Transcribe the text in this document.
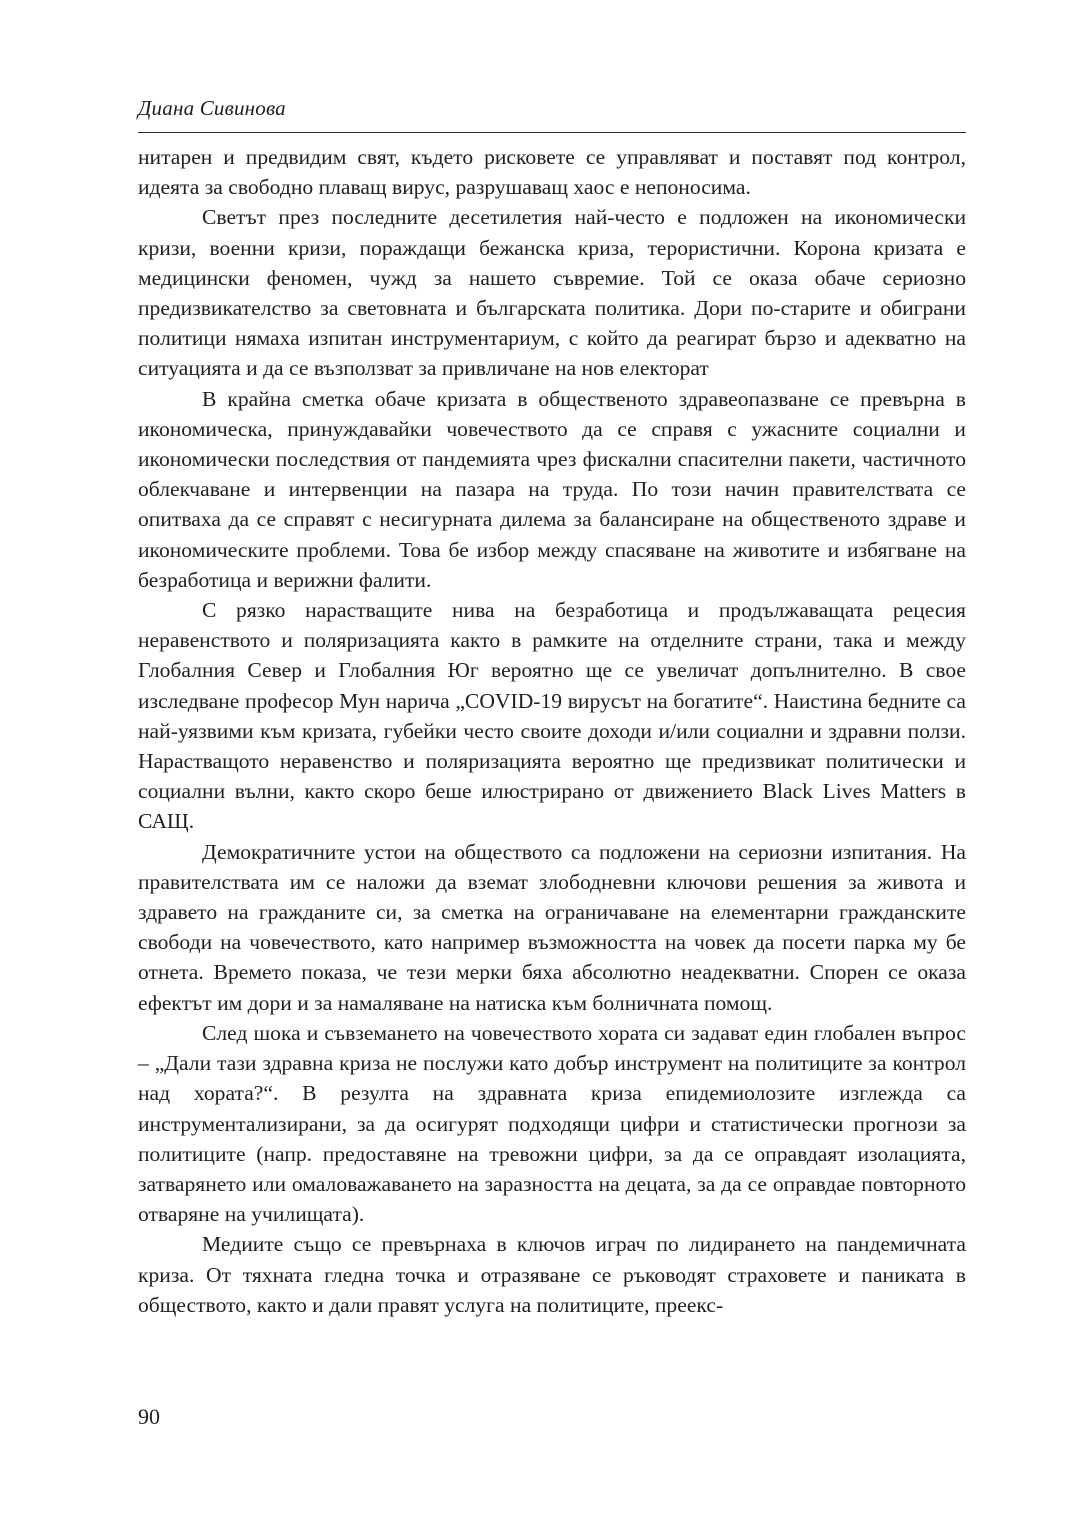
Диана Сивинова

нитарен и предвидим свят, където рисковете се управляват и поставят под контрол, идеята за свободно плаващ вирус, разрушаващ хаос е непоносима.

Светът през последните десетилетия най-често е подложен на икономически кризи, военни кризи, пораждащи бежанска криза, терористични. Корона кризата е медицински феномен, чужд за нашето съвремие. Той се оказа обаче сериозно предизвикателство за световната и българската политика. Дори по-старите и обиграни политици нямаха изпитан инструментариум, с който да реагират бързо и адекватно на ситуацията и да се възползват за привличане на нов електорат

В крайна сметка обаче кризата в общественото здравеопазване се превърна в икономическа, принуждавайки човечеството да се справя с ужасните социални и икономически последствия от пандемията чрез фискални спасителни пакети, частичното облекчаване и интервенции на пазара на труда. По този начин правителствата се опитваха да се справят с несигурната дилема за балансиране на общественото здраве и икономическите проблеми. Това бе избор между спасяване на животите и избягване на безработица и верижни фалити.

С рязко нарастващите нива на безработица и продължаващата рецесия неравенството и поляризацията както в рамките на отделните страни, така и между Глобалния Север и Глобалния Юг вероятно ще се увеличат допълнително. В свое изследване професор Мун нарича „COVID-19 вирусът на богатите“. Наистина бедните са най-уязвими към кризата, губейки често своите доходи и/или социални и здравни ползи. Нарастващото неравенство и поляризацията вероятно ще предизвикат политически и социални вълни, както скоро беше илюстрирано от движението Black Lives Matters в САЩ.

Демократичните устои на обществото са подложени на сериозни изпитания. На правителствата им се наложи да вземат злободневни ключови решения за живота и здравето на гражданите си, за сметка на ограничаване на елементарни гражданските свободи на човечеството, като например възможността на човек да посети парка му бе отнета. Времето показа, че тези мерки бяха абсолютно неадекватни. Спорен се оказа ефектът им дори и за намаляване на натиска към болничната помощ.

След шока и съвземането на човечеството хората си задават един глобален въпрос – „Дали тази здравна криза не послужи като добър инструмент на политиците за контрол над хората?“. В резулта на здравната криза епидемиолозите изглежда са инструментализирани, за да осигурят подходящи цифри и статистически прогнози за политиците (напр. предоставяне на тревожни цифри, за да се оправдаят изолацията, затварянето или омаловажаването на заразността на децата, за да се оправдае повторното отваряне на училищата).

Медиите също се превърнаха в ключов играч по лидирането на пандемичната криза. От тяхната гледна точка и отразяване се ръководят страховете и паниката в обществото, както и дали правят услуга на политиците, преекс-

90
